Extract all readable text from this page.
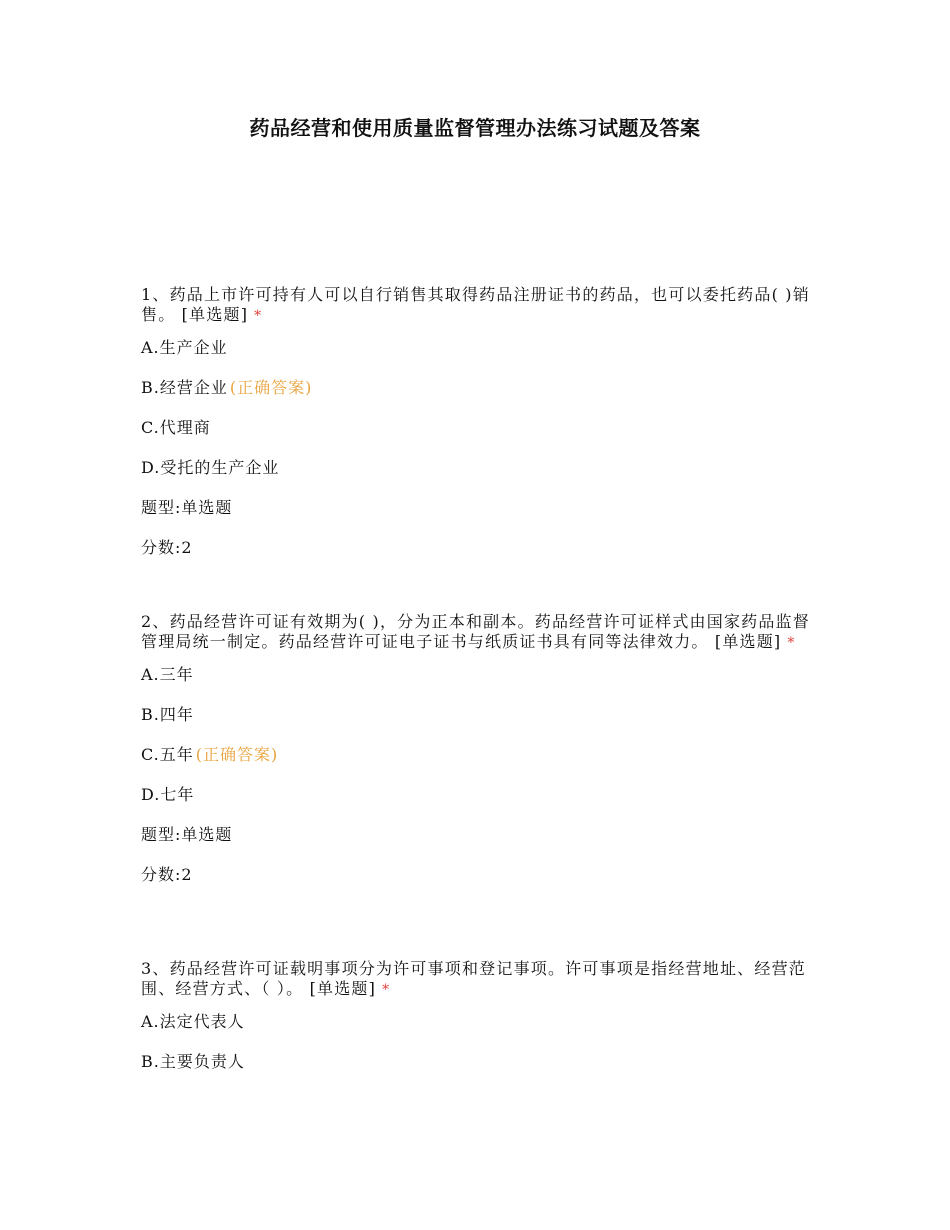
药品经营和使用质量监督管理办法练习试题及答案
1、药品上市许可持有人可以自行销售其取得药品注册证书的药品，也可以委托药品( )销售。 [单选题] *
A.生产企业
B.经营企业 (正确答案)
C.代理商
D.受托的生产企业
题型:单选题
分数:2
2、药品经营许可证有效期为( )，分为正本和副本。药品经营许可证样式由国家药品监督管理局统一制定。药品经营许可证电子证书与纸质证书具有同等法律效力。 [单选题] *
A.三年
B.四年
C.五年 (正确答案)
D.七年
题型:单选题
分数:2
3、药品经营许可证载明事项分为许可事项和登记事项。许可事项是指经营地址、经营范围、经营方式、（ ）。 [单选题] *
A.法定代表人
B.主要负责人
